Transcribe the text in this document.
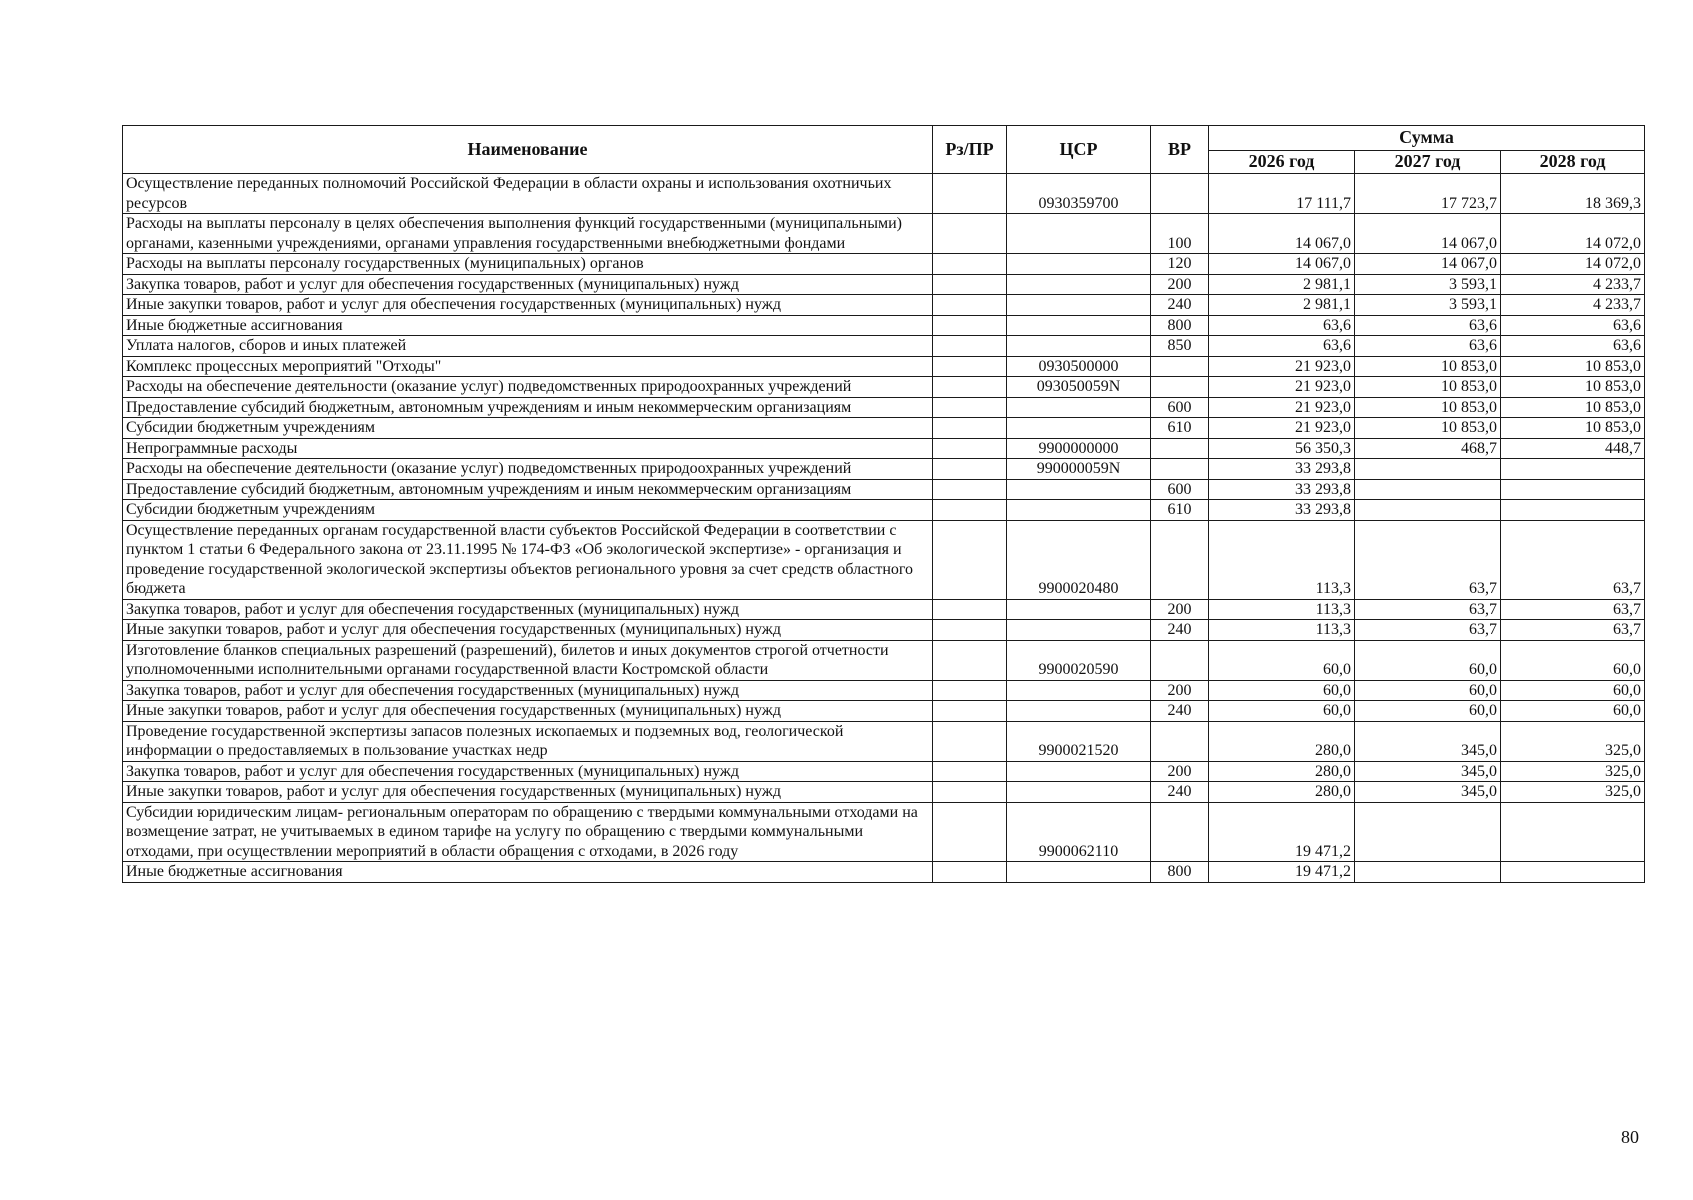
Наименование	Рз/ПР	ЦСР	ВР	Сумма		
				2026 год	2027 год	2028 год
Осуществление переданных полномочий Российской Федерации в области охраны и использования охотничьих ресурсов		0930359700		17 111,7	17 723,7	18 369,3
Расходы на выплаты персоналу в целях обеспечения выполнения функций государственными (муниципальными) органами, казенными учреждениями, органами управления государственными внебюджетными фондами			100	14 067,0	14 067,0	14 072,0
Расходы на выплаты персоналу государственных (муниципальных) органов			120	14 067,0	14 067,0	14 072,0
Закупка товаров, работ и услуг для обеспечения государственных (муниципальных) нужд			200	2 981,1	3 593,1	4 233,7
Иные закупки товаров, работ и услуг для обеспечения государственных (муниципальных) нужд			240	2 981,1	3 593,1	4 233,7
Иные бюджетные ассигнования			800	63,6	63,6	63,6
Уплата налогов, сборов и иных платежей			850	63,6	63,6	63,6
Комплекс процессных мероприятий "Отходы"		0930500000		21 923,0	10 853,0	10 853,0
Расходы на обеспечение деятельности (оказание услуг) подведомственных природоохранных учреждений		093050059N		21 923,0	10 853,0	10 853,0
Предоставление субсидий бюджетным, автономным учреждениям и иным некоммерческим организациям			600	21 923,0	10 853,0	10 853,0
Субсидии бюджетным учреждениям			610	21 923,0	10 853,0	10 853,0
Непрограммные расходы		9900000000		56 350,3	468,7	448,7
Расходы на обеспечение деятельности (оказание услуг) подведомственных природоохранных учреждений		990000059N		33 293,8		
Предоставление субсидий бюджетным, автономным учреждениям и иным некоммерческим организациям			600	33 293,8		
Субсидии бюджетным учреждениям			610	33 293,8		
Осуществление переданных органам государственной власти субъектов Российской Федерации в соответствии с пунктом 1 статьи 6 Федерального закона от 23.11.1995 № 174-ФЗ «Об экологической экспертизе» - организация и проведение государственной экологической экспертизы объектов регионального уровня за счет средств областного бюджета		9900020480		113,3	63,7	63,7
Закупка товаров, работ и услуг для обеспечения государственных (муниципальных) нужд			200	113,3	63,7	63,7
Иные закупки товаров, работ и услуг для обеспечения государственных (муниципальных) нужд			240	113,3	63,7	63,7
Изготовление бланков специальных разрешений (разрешений), билетов и иных документов строгой отчетности уполномоченными исполнительными органами государственной власти Костромской области		9900020590		60,0	60,0	60,0
Закупка товаров, работ и услуг для обеспечения государственных (муниципальных) нужд			200	60,0	60,0	60,0
Иные закупки товаров, работ и услуг для обеспечения государственных (муниципальных) нужд			240	60,0	60,0	60,0
Проведение государственной экспертизы запасов полезных ископаемых и подземных вод, геологической информации о предоставляемых в пользование участках недр		9900021520		280,0	345,0	325,0
Закупка товаров, работ и услуг для обеспечения государственных (муниципальных) нужд			200	280,0	345,0	325,0
Иные закупки товаров, работ и услуг для обеспечения государственных (муниципальных) нужд			240	280,0	345,0	325,0
Субсидии юридическим лицам- региональным операторам по обращению с твердыми коммунальными отходами на возмещение затрат, не учитываемых в едином тарифе на услугу по обращению с твердыми коммунальными отходами, при осуществлении мероприятий в области обращения с отходами, в 2026 году		9900062110		19 471,2		
Иные бюджетные ассигнования			800	19 471,2		
80
